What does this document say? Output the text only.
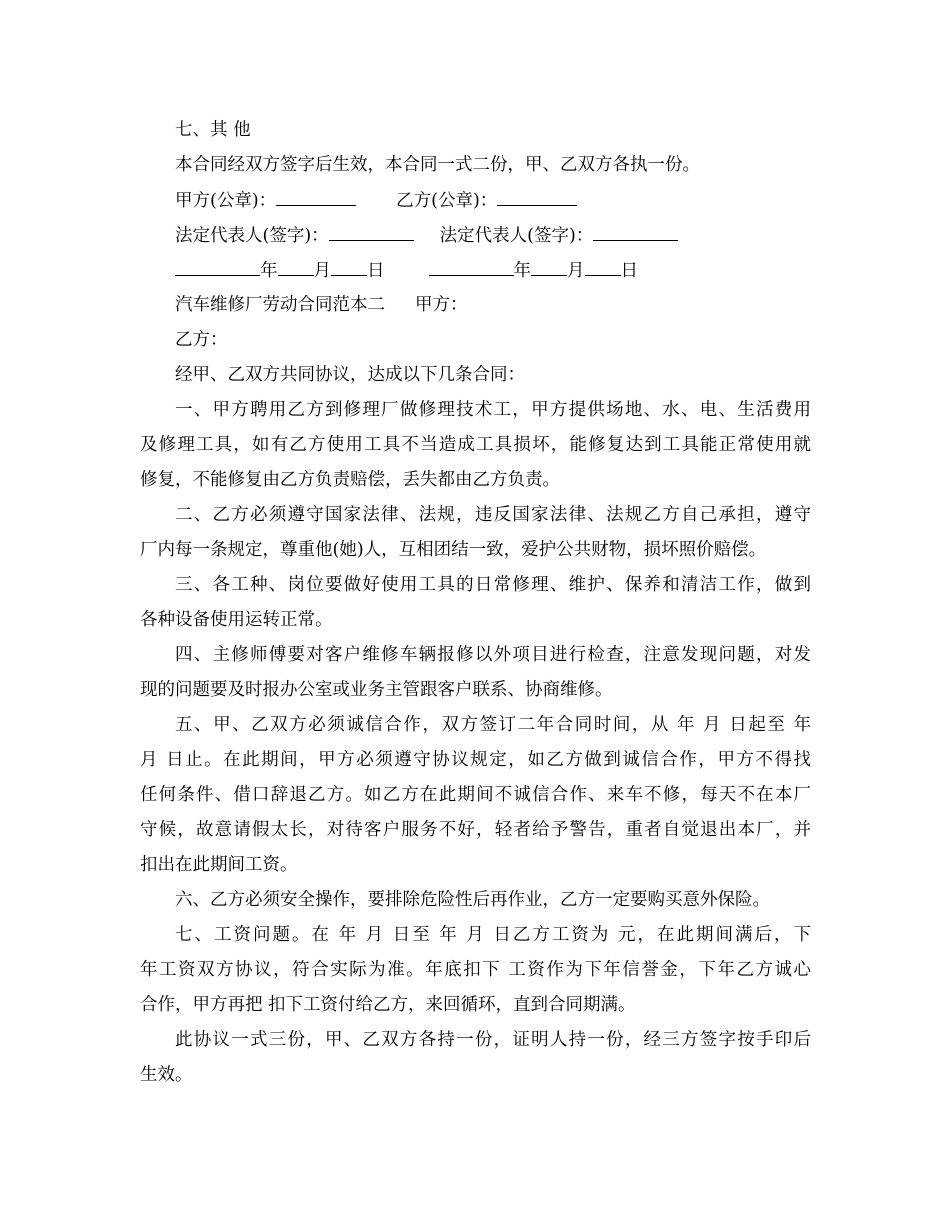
七、其 他
本合同经双方签字后生效，本合同一式二份，甲、乙双方各执一份。
甲方(公章)：	乙方(公章)：
法定代表人(签字)：	法定代表人(签字)：
年 月 日	年 月 日
汽车维修厂劳动合同范本二 甲方：
乙方：
经甲、乙双方共同协议，达成以下几条合同：
一、甲方聘用乙方到修理厂做修理技术工，甲方提供场地、水、电、生活费用
及修理工具，如有乙方使用工具不当造成工具损坏，能修复达到工具能正常使用就
修复，不能修复由乙方负责赔偿，丢失都由乙方负责。
二、乙方必须遵守国家法律、法规，违反国家法律、法规乙方自己承担，遵守
厂内每一条规定，尊重他(她)人，互相团结一致，爱护公共财物，损坏照价赔偿。
三、各工种、岗位要做好使用工具的日常修理、维护、保养和清洁工作，做到
各种设备使用运转正常。
四、主修师傅要对客户维修车辆报修以外项目进行检查，注意发现问题，对发
现的问题要及时报办公室或业务主管跟客户联系、协商维修。
五、甲、乙双方必须诚信合作，双方签订二年合同时间，从 年 月 日起至 年
月 日止。在此期间，甲方必须遵守协议规定，如乙方做到诚信合作，甲方不得找
任何条件、借口辞退乙方。如乙方在此期间不诚信合作、来车不修，每天不在本厂
守候，故意请假太长，对待客户服务不好，轻者给予警告，重者自觉退出本厂，并
扣出在此期间工资。
六、乙方必须安全操作，要排除危险性后再作业，乙方一定要购买意外保险。
七、工资问题。在 年 月 日至 年 月 日乙方工资为 元，在此期间满后，下
年工资双方协议，符合实际为准。年底扣下 工资作为下年信誉金，下年乙方诚心
合作，甲方再把 扣下工资付给乙方，来回循环，直到合同期满。
此协议一式三份，甲、乙双方各持一份，证明人持一份，经三方签字按手印后
生效。
